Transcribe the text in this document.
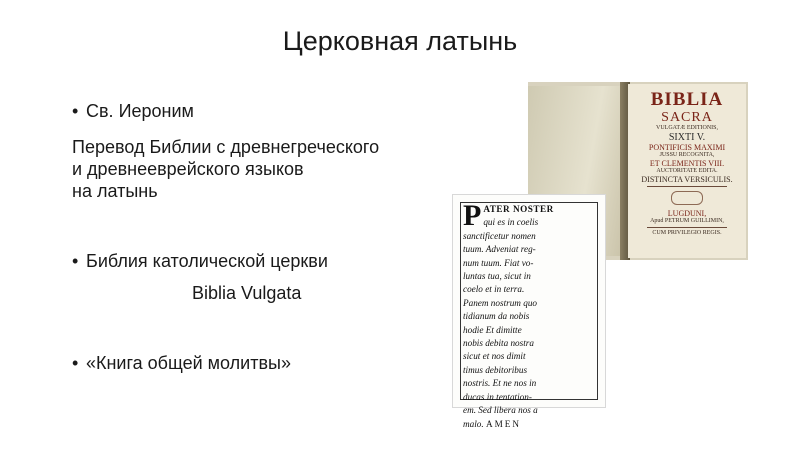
Церковная латынь
• Св. Иероним
Перевод Библии с древнегреческого
и древнееврейского языков
на латынь
• Библия католической церкви
Biblia Vulgata
• «Книга общей молитвы»
BIBLIA
SACRA
VULGATÆ EDITIONIS,
SIXTI V.
PONTIFICIS MAXIMI
JUSSU RECOGNITA,
ET CLEMENTIS VIII.
AUCTORITATE EDITA.
DISTINCTA VERSICULIS.
LUGDUNI,
Apud PETRUM GUILLIMIN,
CUM PRIVILEGIO REGIS.
P ATER NOSTER
qui es in coelis
sanctificetur nomen
tuum. Adveniat reg-
num tuum. Fiat vo-
luntas tua, sicut in
coelo et in terra.
Panem nostrum quo
tidianum da nobis
hodie Et dimitte
nobis debita nostra
sicut et nos dimit
timus debitoribus
nostris. Et ne nos in
ducas in tentation-
em. Sed libera nos a
malo. AMEN
